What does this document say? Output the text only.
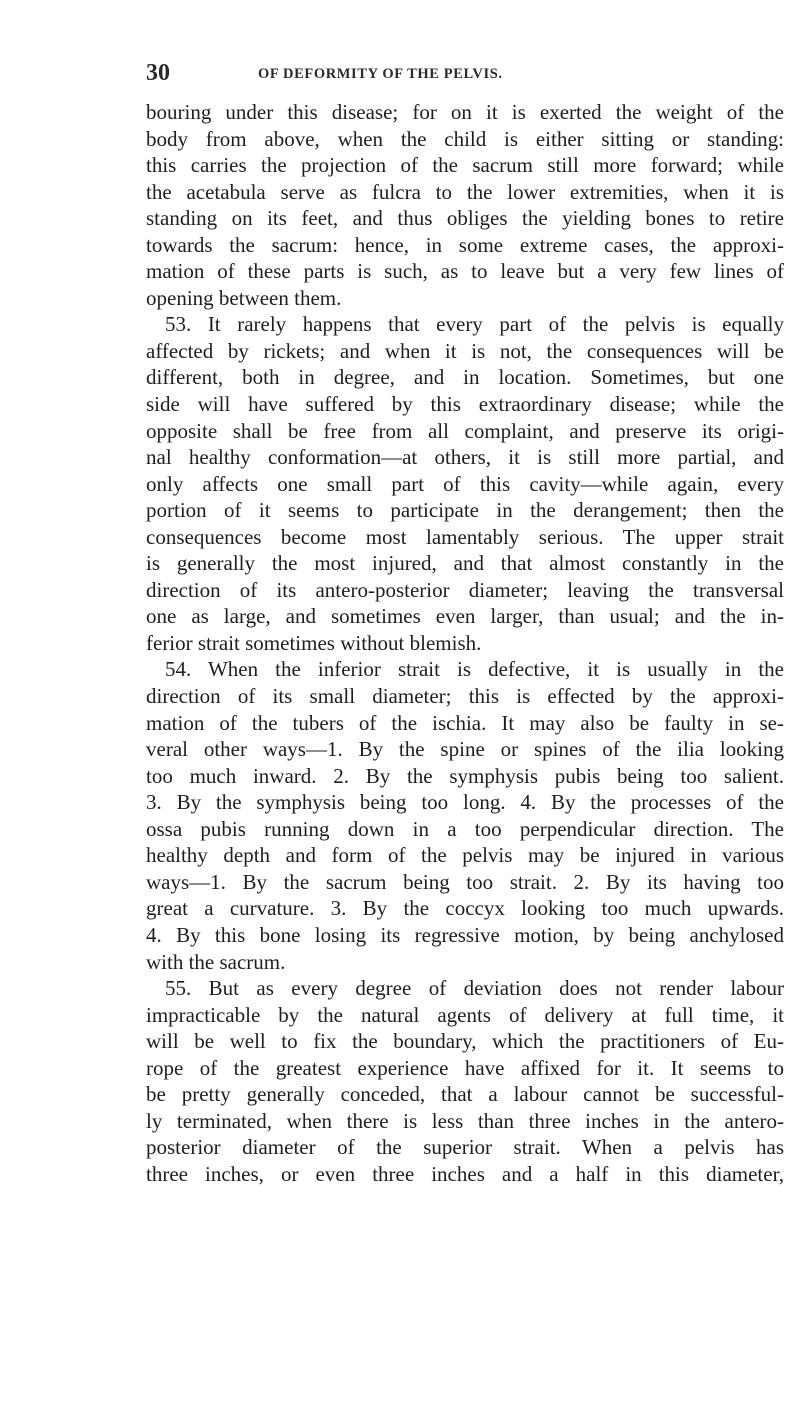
30	OF DEFORMITY OF THE PELVIS.
bouring under this disease; for on it is exerted the weight of the
body from above, when the child is either sitting or standing:
this carries the projection of the sacrum still more forward; while
the acetabula serve as fulcra to the lower extremities, when it is
standing on its feet, and thus obliges the yielding bones to retire
towards the sacrum: hence, in some extreme cases, the approxi-
mation of these parts is such, as to leave but a very few lines of
opening between them.
53. It rarely happens that every part of the pelvis is equally
affected by rickets; and when it is not, the consequences will be
different, both in degree, and in location. Sometimes, but one
side will have suffered by this extraordinary disease; while the
opposite shall be free from all complaint, and preserve its origi-
nal healthy conformation—at others, it is still more partial, and
only affects one small part of this cavity—while again, every
portion of it seems to participate in the derangement; then the
consequences become most lamentably serious. The upper strait
is generally the most injured, and that almost constantly in the
direction of its antero-posterior diameter; leaving the transversal
one as large, and sometimes even larger, than usual; and the in-
ferior strait sometimes without blemish.
54. When the inferior strait is defective, it is usually in the
direction of its small diameter; this is effected by the approxi-
mation of the tubers of the ischia. It may also be faulty in se-
veral other ways—1. By the spine or spines of the ilia looking
too much inward. 2. By the symphysis pubis being too salient.
3. By the symphysis being too long. 4. By the processes of the
ossa pubis running down in a too perpendicular direction. The
healthy depth and form of the pelvis may be injured in various
ways—1. By the sacrum being too strait. 2. By its having too
great a curvature. 3. By the coccyx looking too much upwards.
4. By this bone losing its regressive motion, by being anchylosed
with the sacrum.
55. But as every degree of deviation does not render labour
impracticable by the natural agents of delivery at full time, it
will be well to fix the boundary, which the practitioners of Eu-
rope of the greatest experience have affixed for it. It seems to
be pretty generally conceded, that a labour cannot be successful-
ly terminated, when there is less than three inches in the antero-
posterior diameter of the superior strait. When a pelvis has
three inches, or even three inches and a half in this diameter,
